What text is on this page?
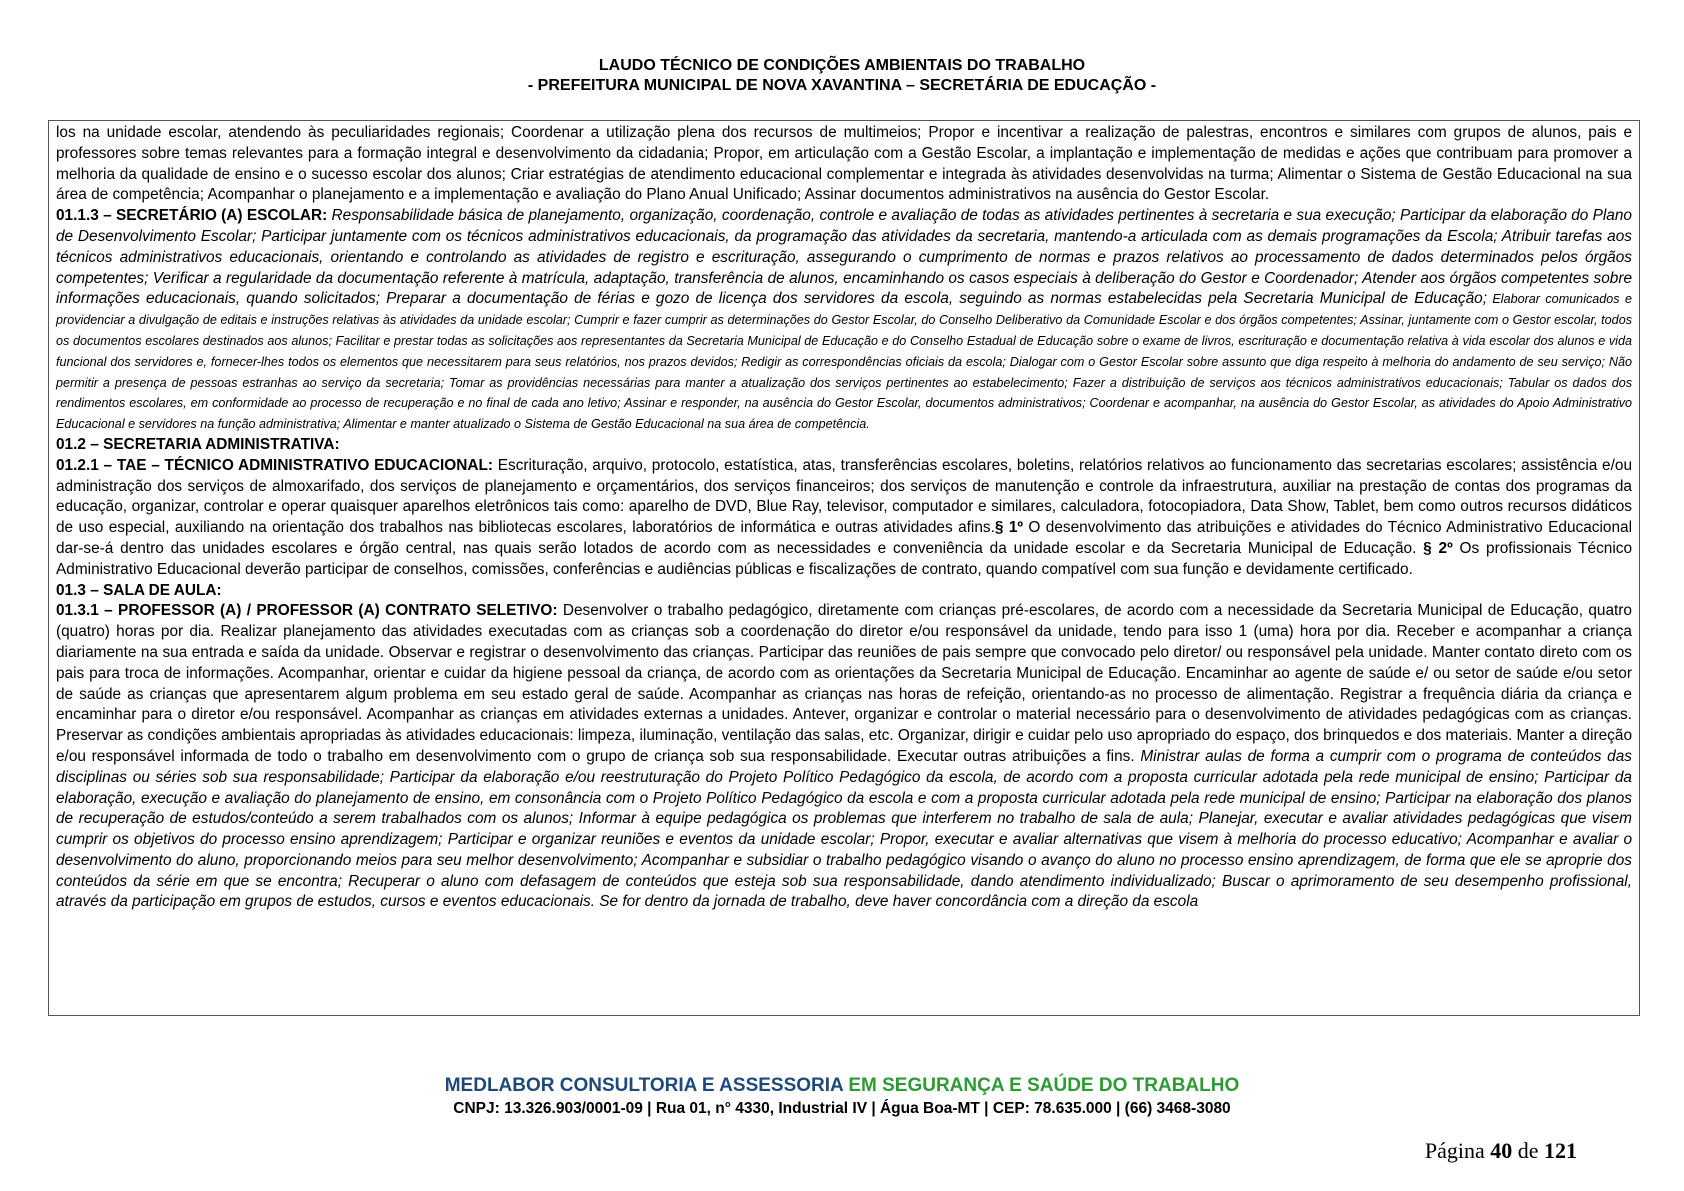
LAUDO TÉCNICO DE CONDIÇÕES AMBIENTAIS DO TRABALHO
- PREFEITURA MUNICIPAL DE NOVA XAVANTINA – SECRETÁRIA DE EDUCAÇÃO -

los na unidade escolar, atendendo às peculiaridades regionais; Coordenar a utilização plena dos recursos de multimeios; Propor e incentivar a realização de palestras, encontros e similares com grupos de alunos, pais e professores sobre temas relevantes para a formação integral e desenvolvimento da cidadania; Propor, em articulação com a Gestão Escolar, a implantação e implementação de medidas e ações que contribuam para promover a melhoria da qualidade de ensino e o sucesso escolar dos alunos; Criar estratégias de atendimento educacional complementar e integrada às atividades desenvolvidas na turma; Alimentar o Sistema de Gestão Educacional na sua área de competência; Acompanhar o planejamento e a implementação e avaliação do Plano Anual Unificado; Assinar documentos administrativos na ausência do Gestor Escolar.

01.1.3 – SECRETÁRIO (A) ESCOLAR: Responsabilidade básica de planejamento, organização, coordenação, controle e avaliação de todas as atividades pertinentes à secretaria e sua execução; Participar da elaboração do Plano de Desenvolvimento Escolar; Participar juntamente com os técnicos administrativos educacionais, da programação das atividades da secretaria, mantendo-a articulada com as demais programações da Escola; Atribuir tarefas aos técnicos administrativos educacionais, orientando e controlando as atividades de registro e escrituração, assegurando o cumprimento de normas e prazos relativos ao processamento de dados determinados pelos órgãos competentes; Verificar a regularidade da documentação referente à matrícula, adaptação, transferência de alunos, encaminhando os casos especiais à deliberação do Gestor e Coordenador; Atender aos órgãos competentes sobre informações educacionais, quando solicitados; Preparar a documentação de férias e gozo de licença dos servidores da escola, seguindo as normas estabelecidas pela Secretaria Municipal de Educação; Elaborar comunicados e providenciar a divulgação de editais e instruções relativas às atividades da unidade escolar; Cumprir e fazer cumprir as determinações do Gestor Escolar, do Conselho Deliberativo da Comunidade Escolar e dos órgãos competentes; Assinar, juntamente com o Gestor escolar, todos os documentos escolares destinados aos alunos; Facilitar e prestar todas as solicitações aos representantes da Secretaria Municipal de Educação e do Conselho Estadual de Educação sobre o exame de livros, escrituração e documentação relativa à vida escolar dos alunos e vida funcional dos servidores e, fornecer-lhes todos os elementos que necessitarem para seus relatórios, nos prazos devidos; Redigir as correspondências oficiais da escola; Dialogar com o Gestor Escolar sobre assunto que diga respeito à melhoria do andamento de seu serviço; Não permitir a presença de pessoas estranhas ao serviço da secretaria; Tomar as providências necessárias para manter a atualização dos serviços pertinentes ao estabelecimento; Fazer a distribuição de serviços aos técnicos administrativos educacionais; Tabular os dados dos rendimentos escolares, em conformidade ao processo de recuperação e no final de cada ano letivo; Assinar e responder, na ausência do Gestor Escolar, documentos administrativos; Coordenar e acompanhar, na ausência do Gestor Escolar, as atividades do Apoio Administrativo Educacional e servidores na função administrativa; Alimentar e manter atualizado o Sistema de Gestão Educacional na sua área de competência.

01.2 – SECRETARIA ADMINISTRATIVA:

01.2.1 – TAE – TÉCNICO ADMINISTRATIVO EDUCACIONAL: Escrituração, arquivo, protocolo, estatística, atas, transferências escolares, boletins, relatórios relativos ao funcionamento das secretarias escolares; assistência e/ou administração dos serviços de almoxarifado, dos serviços de planejamento e orçamentários, dos serviços financeiros; dos serviços de manutenção e controle da infraestrutura, auxiliar na prestação de contas dos programas da educação, organizar, controlar e operar quaisquer aparelhos eletrônicos tais como: aparelho de DVD, Blue Ray, televisor, computador e similares, calculadora, fotocopiadora, Data Show, Tablet, bem como outros recursos didáticos de uso especial, auxiliando na orientação dos trabalhos nas bibliotecas escolares, laboratórios de informática e outras atividades afins.§ 1º O desenvolvimento das atribuições e atividades do Técnico Administrativo Educacional dar-se-á dentro das unidades escolares e órgão central, nas quais serão lotados de acordo com as necessidades e conveniência da unidade escolar e da Secretaria Municipal de Educação. § 2º Os profissionais Técnico Administrativo Educacional deverão participar de conselhos, comissões, conferências e audiências públicas e fiscalizações de contrato, quando compatível com sua função e devidamente certificado.

01.3 – SALA DE AULA:

01.3.1 – PROFESSOR (A) / PROFESSOR (A) CONTRATO SELETIVO: Desenvolver o trabalho pedagógico, diretamente com crianças pré-escolares, de acordo com a necessidade da Secretaria Municipal de Educação, quatro (quatro) horas por dia. Realizar planejamento das atividades executadas com as crianças sob a coordenação do diretor e/ou responsável da unidade, tendo para isso 1 (uma) hora por dia. Receber e acompanhar a criança diariamente na sua entrada e saída da unidade. Observar e registrar o desenvolvimento das crianças. Participar das reuniões de pais sempre que convocado pelo diretor/ ou responsável pela unidade. Manter contato direto com os pais para troca de informações. Acompanhar, orientar e cuidar da higiene pessoal da criança, de acordo com as orientações da Secretaria Municipal de Educação. Encaminhar ao agente de saúde e/ ou setor de saúde e/ou setor de saúde as crianças que apresentarem algum problema em seu estado geral de saúde. Acompanhar as crianças nas horas de refeição, orientando-as no processo de alimentação. Registrar a frequência diária da criança e encaminhar para o diretor e/ou responsável. Acompanhar as crianças em atividades externas a unidades. Antever, organizar e controlar o material necessário para o desenvolvimento de atividades pedagógicas com as crianças. Preservar as condições ambientais apropriadas às atividades educacionais: limpeza, iluminação, ventilação das salas, etc. Organizar, dirigir e cuidar pelo uso apropriado do espaço, dos brinquedos e dos materiais. Manter a direção e/ou responsável informada de todo o trabalho em desenvolvimento com o grupo de criança sob sua responsabilidade. Executar outras atribuições a fins. Ministrar aulas de forma a cumprir com o programa de conteúdos das disciplinas ou séries sob sua responsabilidade; Participar da elaboração e/ou reestruturação do Projeto Político Pedagógico da escola, de acordo com a proposta curricular adotada pela rede municipal de ensino; Participar da elaboração, execução e avaliação do planejamento de ensino, em consonância com o Projeto Político Pedagógico da escola e com a proposta curricular adotada pela rede municipal de ensino; Participar na elaboração dos planos de recuperação de estudos/conteúdo a serem trabalhados com os alunos; Informar à equipe pedagógica os problemas que interferem no trabalho de sala de aula; Planejar, executar e avaliar atividades pedagógicas que visem cumprir os objetivos do processo ensino aprendizagem; Participar e organizar reuniões e eventos da unidade escolar; Propor, executar e avaliar alternativas que visem à melhoria do processo educativo; Acompanhar e avaliar o desenvolvimento do aluno, proporcionando meios para seu melhor desenvolvimento; Acompanhar e subsidiar o trabalho pedagógico visando o avanço do aluno no processo ensino aprendizagem, de forma que ele se aproprie dos conteúdos da série em que se encontra; Recuperar o aluno com defasagem de conteúdos que esteja sob sua responsabilidade, dando atendimento individualizado; Buscar o aprimoramento de seu desempenho profissional, através da participação em grupos de estudos, cursos e eventos educacionais. Se for dentro da jornada de trabalho, deve haver concordância com a direção da escola

MEDLABOR CONSULTORIA E ASSESSORIA EM SEGURANÇA E SAÚDE DO TRABALHO
CNPJ: 13.326.903/0001-09 | Rua 01, n° 4330, Industrial IV | Água Boa-MT | CEP: 78.635.000 | (66) 3468-3080
Página 40 de 121
